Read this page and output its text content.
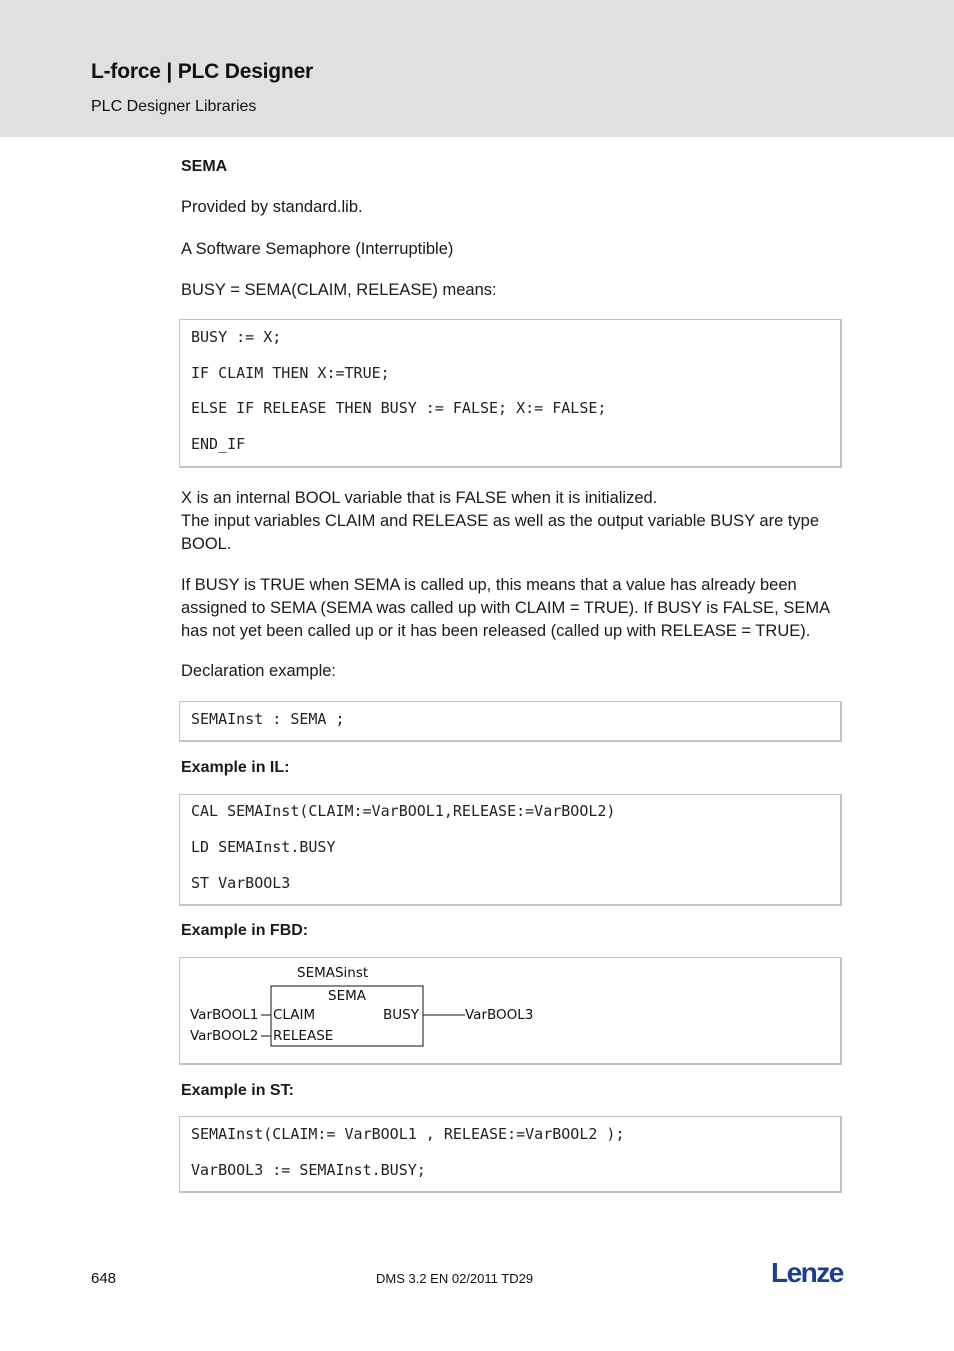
L-force | PLC Designer
PLC Designer Libraries
SEMA
Provided by standard.lib.
A Software Semaphore (Interruptible)
BUSY = SEMA(CLAIM, RELEASE) means:
BUSY := X;
IF CLAIM THEN X:=TRUE;
ELSE IF RELEASE THEN BUSY := FALSE; X:= FALSE;
END_IF
X is an internal BOOL variable that is FALSE when it is initialized.
The input variables CLAIM and RELEASE as well as the output variable BUSY are type
BOOL.
If BUSY is TRUE when SEMA is called up, this means that a value has already been
assigned to SEMA (SEMA was called up with CLAIM = TRUE). If BUSY is FALSE, SEMA
has not yet been called up or it has been released (called up with RELEASE = TRUE).
Declaration example:
SEMAInst : SEMA ;
Example in IL:
CAL SEMAInst(CLAIM:=VarBOOL1,RELEASE:=VarBOOL2)
LD SEMAInst.BUSY
ST VarBOOL3
Example in FBD:
SEMASinst
SEMA
VarBOOL1
VarBOOL2
CLAIM
RELEASE
BUSY	VarBOOL3
Example in ST:
SEMAInst(CLAIM:= VarBOOL1 , RELEASE:=VarBOOL2 );
VarBOOL3 := SEMAInst.BUSY;
648	DMS 3.2 EN 02/2011 TD29	Lenze
